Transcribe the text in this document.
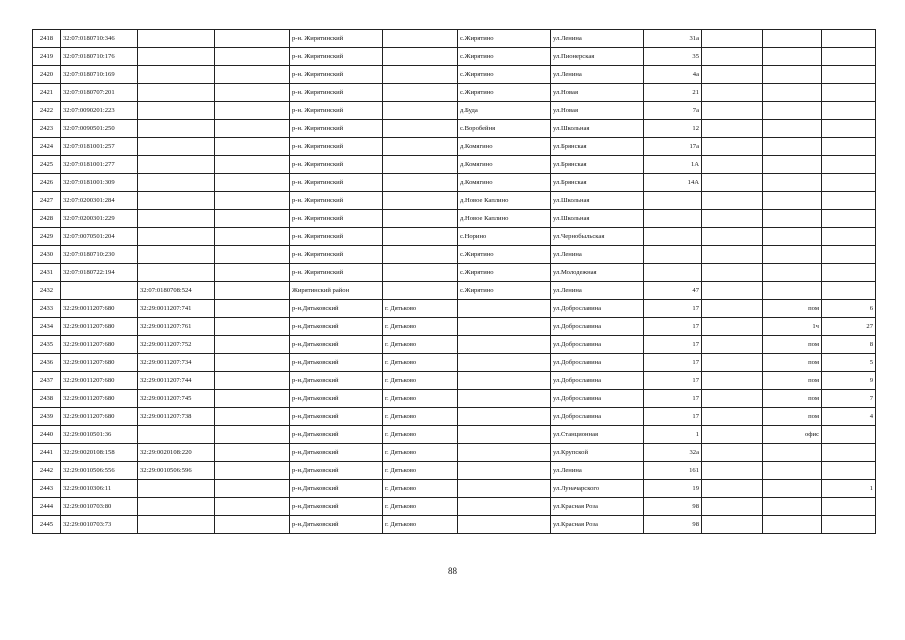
2418	32:07:0180710:346			р-н. Жирятинский		с.Жирятино	ул.Ленина	31а			
2419	32:07:0180710:176			р-н. Жирятинский		с.Жирятино	ул.Пионерская	35			
2420	32:07:0180710:169			р-н. Жирятинский		с.Жирятино	ул.Ленина	4а			
2421	32:07:0180707:201			р-н. Жирятинский		с.Жирятино	ул.Новая	21			
2422	32:07:0090201:223			р-н. Жирятинский		д.Буда	ул.Новая	7а			
2423	32:07:0090501:250			р-н. Жирятинский		с.Воробейня	ул.Школьная	12			
2424	32:07:0181001:257			р-н. Жирятинский		д.Комягино	ул.Брянская	17а			
2425	32:07:0181001:277			р-н. Жирятинский		д.Комягино	ул.Брянская	1А			
2426	32:07:0181001:309			р-н. Жирятинский		д.Комягино	ул.Брянская	14А			
2427	32:07:0200301:284			р-н. Жирятинский		д.Новое Каплино	ул.Школьная				
2428	32:07:0200301:229			р-н. Жирятинский		д.Новое Каплино	ул.Школьная				
2429	32:07:0070501:204			р-н. Жирятинский		с.Норино	ул.Чернобыльская				
2430	32:07:0180710:230			р-н. Жирятинский		с.Жирятино	ул.Ленина				
2431	32:07:0180722:194			р-н. Жирятинский		с.Жирятино	ул.Молодежная				
2432		32:07:0180708:524		Жирятинский район		с.Жирятино	ул.Ленина	47			
2433	32:29:0011207:680	32:29:0011207:741		р-н.Дятьковский	г. Дятьково		ул.Доброславина	17		пом	6
2434	32:29:0011207:680	32:29:0011207:761		р-н.Дятьковский	г. Дятьково		ул.Доброславина	17		1ч	27
2435	32:29:0011207:680	32:29:0011207:752		р-н.Дятьковский	г. Дятьково		ул.Доброславина	17		пом	8
2436	32:29:0011207:680	32:29:0011207:734		р-н.Дятьковский	г. Дятьково		ул.Доброславина	17		пом	5
2437	32:29:0011207:680	32:29:0011207:744		р-н.Дятьковский	г. Дятьково		ул.Доброславина	17		пом	9
2438	32:29:0011207:680	32:29:0011207:745		р-н.Дятьковский	г. Дятьково		ул.Доброславина	17		пом	7
2439	32:29:0011207:680	32:29:0011207:738		р-н.Дятьковский	г. Дятьково		ул.Доброславина	17		пом	4
2440	32:29:0010501:36			р-н.Дятьковский	г. Дятьково		ул.Станционная	1		офис	
2441	32:29:0020108:158	32:29:0020108:220		р-н.Дятьковский	г. Дятьково		ул.Крупской	32а			
2442	32:29:0010506:556	32:29:0010506:596		р-н.Дятьковский	г. Дятьково		ул.Ленина	161			
2443	32:29:0010306:11			р-н.Дятьковский	г. Дятьково		ул.Луначарского	19			1
2444	32:29:0010703:80			р-н.Дятьковский	г. Дятьково		ул.Красная Роза	98			
2445	32:29:0010703:73			р-н.Дятьковский	г. Дятьково		ул.Красная Роза	98			
88
